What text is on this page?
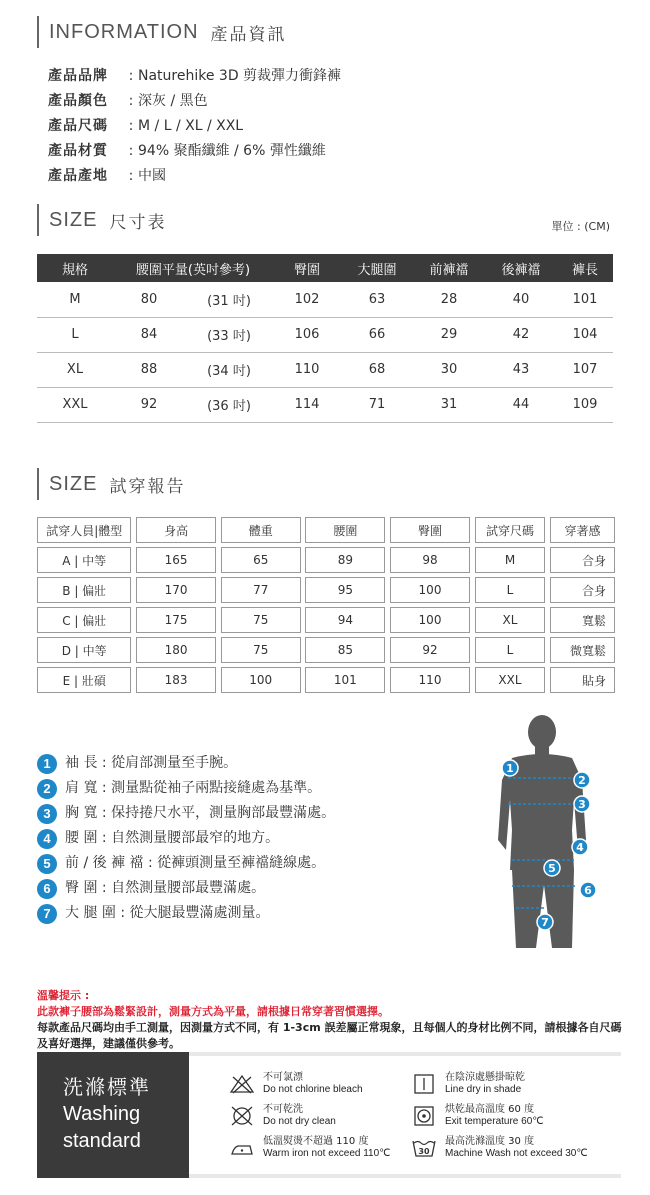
INFORMATION 產品資訊
產品品牌	: Naturehike 3D 剪裁彈力衝鋒褲
產品顏色	: 深灰 / 黑色
產品尺碼	: M / L / XL / XXL
產品材質	: 94% 聚酯纖維 / 6% 彈性纖維
產品產地	: 中國
SIZE 尺寸表	單位 : (CM)
規格	腰圍平量(英吋參考)		臀圍	大腿圍	前褲襠	後褲襠	褲長
M	80	(31 吋)	102	63	28	40	101
L	84	(33 吋)	106	66	29	42	104
XL	88	(34 吋)	110	68	30	43	107
XXL	92	(36 吋)	114	71	31	44	109
SIZE 試穿報告
試穿人員|體型		身高		體重		腰圍		臀圍		試穿尺碼		穿著感
A | 中等		165		65		89		98		M		合身
B | 偏壯		170		77		95		100		L		合身
C | 偏壯		175		75		94		100		XL		寬鬆
D | 中等		180		75		85		92		L		微寬鬆
E | 壯碩		183		100		101		110		XXL		貼身
1	袖 長 : 從肩部測量至手腕。
2	肩 寬 : 測量點從袖子兩點接縫處為基準。
3	胸 寬 : 保持捲尺水平，測量胸部最豐滿處。
4	腰 圍 : 自然測量腰部最窄的地方。
5	前 / 後 褲 襠 : 從褲頭測量至褲襠縫線處。
6	臀 圍 : 自然測量腰部最豐滿處。
7	大 腿 圍 : 從大腿最豐滿處測量。
1
2
3
4
5
6
7
溫馨提示 :
此款褲子腰部為鬆緊設計，測量方式為平量，請根據日常穿著習慣選擇。
每款產品尺碼均由手工測量，因測量方式不同，有 1-3cm 誤差屬正常現象，且每個人的身材比例不同，請根據各自尺碼及喜好選擇，建議僅供參考。
洗滌標準
Washing
standard
不可氯漂
Do not chlorine bleach
在陰涼處懸掛晾乾
Line dry in shade
不可乾洗
Do not dry clean
烘乾最高溫度 60 度
Exit temperature 60℃
低溫熨燙不超過 110 度
Warm iron not exceed 110℃	30
最高洗滌溫度 30 度
Machine Wash not exceed 30℃
